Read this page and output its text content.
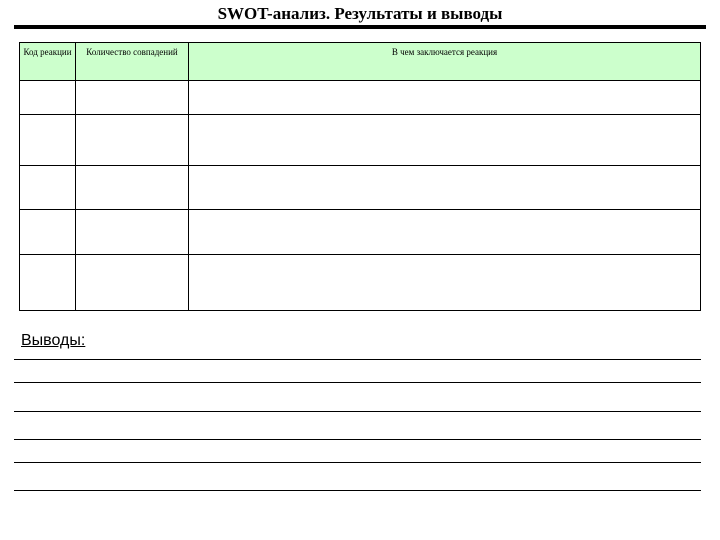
SWOT-анализ. Результаты и выводы
Код реакции	Количество совпадений	В чем заключается реакция

Выводы:
